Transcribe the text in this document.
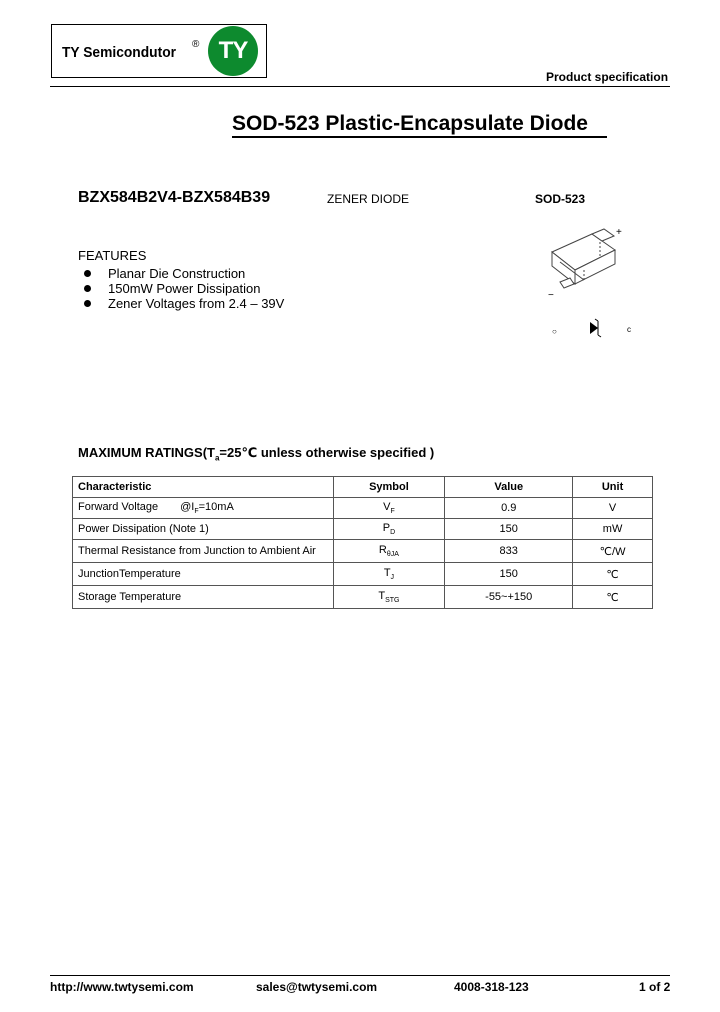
TY Semicondutor ® TY
Product specification
SOD-523 Plastic-Encapsulate Diode
BZX584B2V4-BZX584B39	ZENER DIODE	SOD-523
+
−
○	c
FEATURES
Planar Die Construction
150mW Power Dissipation
Zener Voltages from 2.4 – 39V
MAXIMUM $RATINGS(T_a=25℃$ unless otherwise specified )
Characteristic	Symbol	Value	Unit
Forward Voltage $@I_F=10mA$	$V_F$	0.9	V
Power Dissipation (Note 1)	$P_D$	150	mW
Thermal Resistance from Junction to Ambient Air	$R_{\theta JA}$	833	℃/W
JunctionTemperature	$T_J$	150	℃
Storage Temperature	$T_{STG}$	-55~+150	℃
http://www.twtysemi.com	sales@twtysemi.com	4008-318-123	1 of 2
